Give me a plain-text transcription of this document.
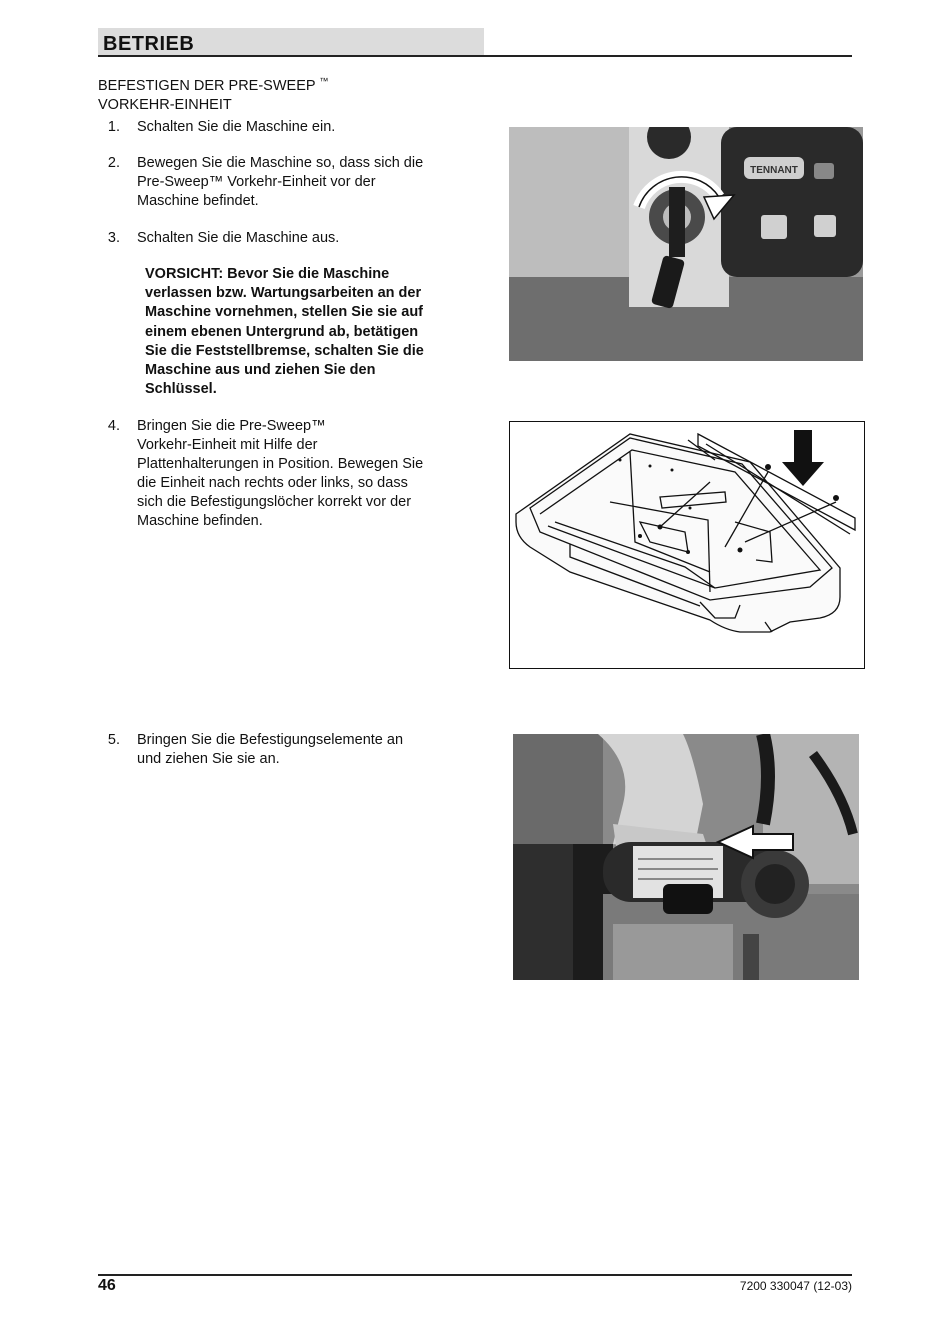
BETRIEB
BEFESTIGEN DER PRE-SWEEP ™
VORKEHR-EINHEIT
1. Schalten Sie die Maschine ein.
2. Bewegen Sie die Maschine so, dass sich die
Pre-Sweep™ Vorkehr-Einheit vor der
Maschine befindet.
3. Schalten Sie die Maschine aus.
VORSICHT: Bevor Sie die Maschine
verlassen bzw. Wartungsarbeiten an der
Maschine vornehmen, stellen Sie sie auf
einem ebenen Untergrund ab, betätigen
Sie die Feststellbremse, schalten Sie die
Maschine aus und ziehen Sie den
Schlüssel.
4. Bringen Sie die Pre-Sweep™
Vorkehr-Einheit mit Hilfe der
Plattenhalterungen in Position. Bewegen Sie
die Einheit nach rechts oder links, so dass
sich die Befestigungslöcher korrekt vor der
Maschine befinden.
5. Bringen Sie die Befestigungselemente an
und ziehen Sie sie an.
TENNANT
46	7200 330047 (12-03)
